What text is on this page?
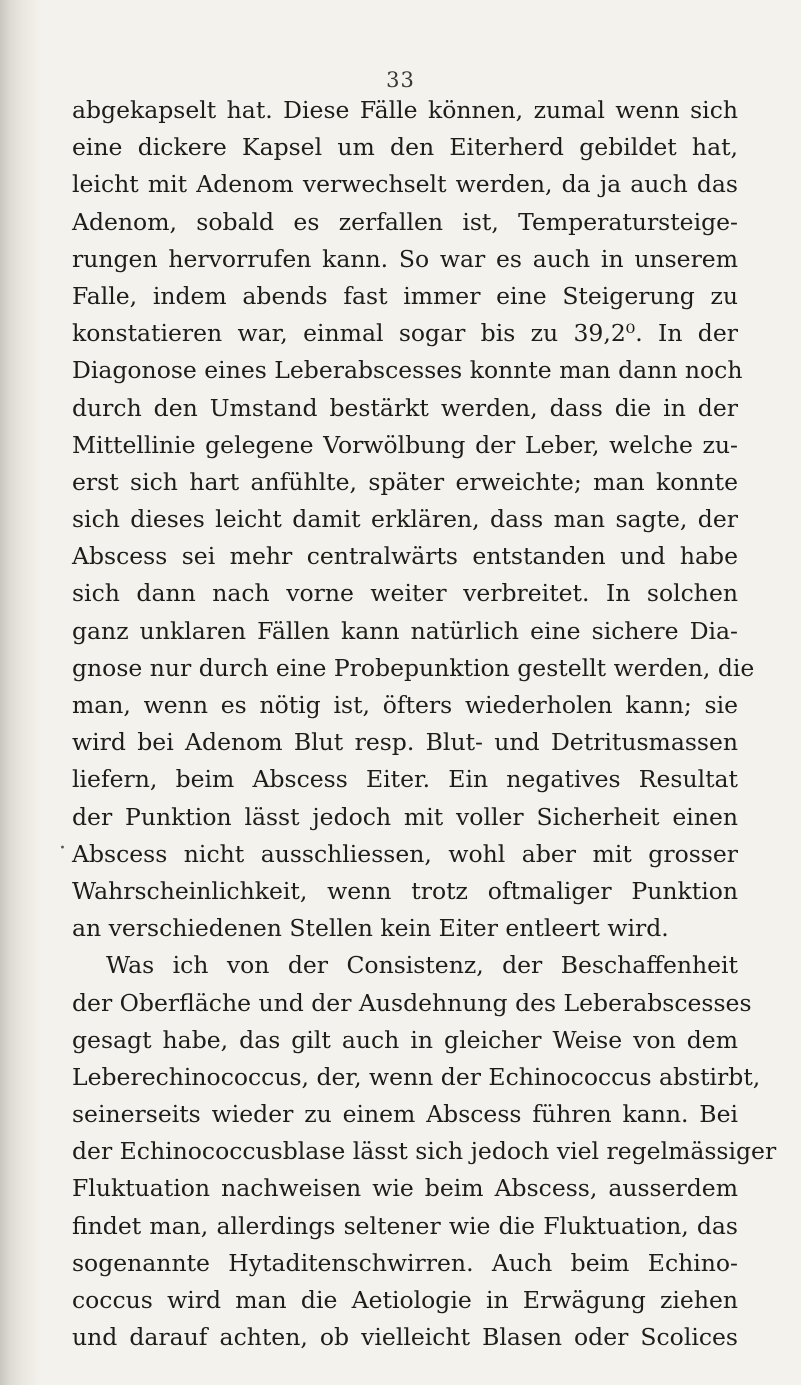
33
abgekapselt hat. Diese Fälle können, zumal wenn sich
eine dickere Kapsel um den Eiterherd gebildet hat,
leicht mit Adenom verwechselt werden, da ja auch das
Adenom, sobald es zerfallen ist, Temperatursteige-
rungen hervorrufen kann. So war es auch in unserem
Falle, indem abends fast immer eine Steigerung zu
konstatieren war, einmal sogar bis zu 39,2⁰. In der
Diagonose eines Leberabscesses konnte man dann noch
durch den Umstand bestärkt werden, dass die in der
Mittellinie gelegene Vorwölbung der Leber, welche zu-
erst sich hart anfühlte, später erweichte; man konnte
sich dieses leicht damit erklären, dass man sagte, der
Abscess sei mehr centralwärts entstanden und habe
sich dann nach vorne weiter verbreitet. In solchen
ganz unklaren Fällen kann natürlich eine sichere Dia-
gnose nur durch eine Probepunktion gestellt werden, die
man, wenn es nötig ist, öfters wiederholen kann; sie
wird bei Adenom Blut resp. Blut- und Detritusmassen
liefern, beim Abscess Eiter. Ein negatives Resultat
der Punktion lässt jedoch mit voller Sicherheit einen
Abscess nicht ausschliessen, wohl aber mit grosser
Wahrscheinlichkeit, wenn trotz oftmaliger Punktion
an verschiedenen Stellen kein Eiter entleert wird.
Was ich von der Consistenz, der Beschaffenheit
der Oberfläche und der Ausdehnung des Leberabscesses
gesagt habe, das gilt auch in gleicher Weise von dem
Leberechinococcus, der, wenn der Echinococcus abstirbt,
seinerseits wieder zu einem Abscess führen kann. Bei
der Echinococcusblase lässt sich jedoch viel regelmässiger
Fluktuation nachweisen wie beim Abscess, ausserdem
findet man, allerdings seltener wie die Fluktuation, das
sogenannte Hytaditenschwirren. Auch beim Echino-
coccus wird man die Aetiologie in Erwägung ziehen
und darauf achten, ob vielleicht Blasen oder Scolices
·
